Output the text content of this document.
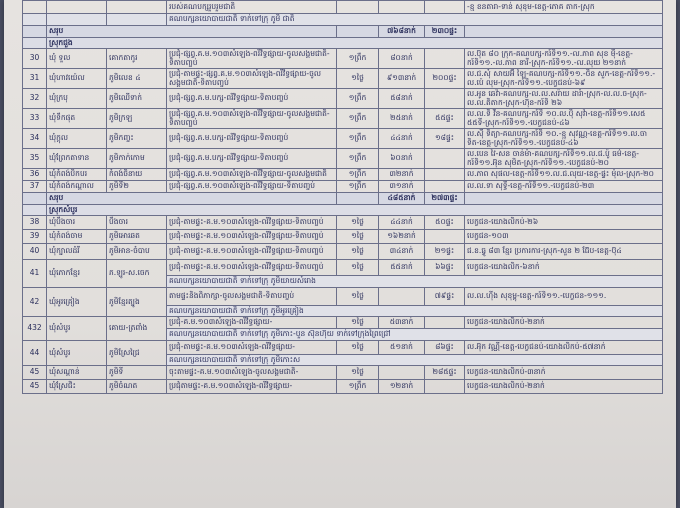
			របស់គណបក្សរួបរួមជាតិ				-ខ្ម ខនតារា-ទាន់ សុខុម-ខេត្ត-ភោគ តាក-ស្រុក
			គណបក្សនយោបាយជាតិ ទាក់ទៅក្រុ ភូមិ ជាតិ				
	សរុប				៧៦៨នាក់	២៣០ផ្ទះ	
	ស្រុកជួង						
30	ឃុំ ទួល	គោកតាកូរ	ប្រជុំ-ផ្សព្វ.គ.ម.១០៣សំឡេង-ពរិវិទ្ធផ្សាយ-ចូលសង្គមជាតិ-ទិតាបញ្ចប់	១ព្រឹក	៨០នាក់		ល.ប៊ុត ៨០ ក្រុក-គណបក្ស-ករ៍ទិ១១.-ល.ភាព សុខ ម៉ី-ខេត្ត-ករ៍ទិ១១.-ល.ភាព នារី-ស្រុក-ករ៍ទិ១១.-ល.លុយ ២១នាក់
31	ឃុំហាវយ៉េល	ភូមិលេខ ៤	ប្រជុំ-តាមផ្ទះ-ផ្សព្វ.គ.ម.១០៣សំឡេង-ពរិវិទ្ធផ្សាយ-ចូលសង្គមជាតិ-ទិតាបញ្ចប់	១ថ្ងៃ	៩១៣នាក់	២០០ផ្ទះ	ល.ជ.សុំ សាយអ៊ី ឡៃ-គណបក្ស-ករ៍ទិ១១.-ចិន សួក-ខេត្ត-ករ៍ទិ១១.-ល.ប៉េ លុម-ស្រុក-ករ៍ទិ១១.-បេក្ខជនប់-៦៩
32	ឃុំក្របុ	ភូមិឈើទាក់	ប្រជុំ-ផ្សព្វ.គ.ម.បក្ស-ពរិវិទ្ធផ្សាយ-ទិតាបញ្ចប់	១ព្រឹក	៥៨នាក់		ល.អូន ឆេវ៉ា-គណបក្ស-ល.ល.សរ៉ាយ ដារ៉ា-ស្រុក-ល.ល.ច-ស្រុក-ល.ល.តិតាក-ស្រុក-ហ៊ុន-ករ៍ទិ ២៦
33	ឃុំទឹកផុត	ភូមិក្រឡ	ប្រជុំ-ផ្សព្វ.គ.ម.១០៣សំឡេង-ពរិវិទ្ធផ្សាយ-ចូលសង្គមជាតិ-ទិតាបញ្ចប់	១ព្រឹក	២៥នាក់	៥៥ផ្ទះ	ល.ល.ទិ វីន-គណបក្ស-ករ៍ទិ ១០.ល.ប៉ិ សុវ៉ា-ខេត្ត-ករ៍ទិ១១.សេ៥ ៥៥ទី-ស្រុក-ករ៍ទិ១១.-បេក្ខជនប់-៤៦
34	ឃុំក្តុល	ភូមិកញ្ចះ	ប្រជុំ-ផ្សព្វ.គ.ម.បក្ស-ពរិវិទ្ធផ្សាយ-ទិតាបញ្ចប់	១ព្រឹក	៤៤នាក់	១៨ផ្ទះ	ល.ស៊ី ទិត្យា-គណបក្ស-ករ៍ទិ ១០.-ខ្មុ សុវណ្ណ-ខេត្ត-ករ៍ទិ១១.ល.ចា ទិត-ខេត្ត-ស្រុក-ករ៍ទិ១១.-បេក្ខជនប់-៤៦
35	ឃុំព្រែកតាទាន	ភូមិកាក់កោម	ប្រជុំ-ផ្សព្វ.គ.ម.បក្ស-ពរិវិទ្ធផ្សាយ-ទិតាបញ្ចប់	១ព្រឹក	៦០នាក់		ល.បេន វៃ-សន ចាន់ម៉ា-គណបក្ស-ករ៍ទិ១១.ល.ជ.ប៉ូ ធម៌-ខេត្ត-ករ៍ទិ១១.អ៊ុន សុមិត-ស្រុក-ករ៍ទិ១១.-បេក្ខជនប់-២០
36	ឃុំកំពង់បិកបរ	កំពង់ចិនាយ	ប្រជុំ-ផ្សព្វ.គ.ម.១០៣សំឡេង-ពរិវិទ្ធផ្សាយ-ចូលសង្គមជាតិ	១ព្រឹក	៣២នាក់		ល.ភាព សុផល-ខេត្ត-ករ៍ទិ១១.ល.ជ.លុយ-ខេត្ត-ផ្ទះ ម៉ុល-ស្រុក-២០
37	ឃុំកំពង់កណ្តាល	ភូមិទី២	ប្រជុំ-ផ្សព្វ.គ.ម.១០៣សំឡេង-ពរិវិទ្ធផ្សាយ-ទិតាបញ្ចប់	១ព្រឹក	៣១នាក់		ល.ល.ទា សុទ្ធី-ខេត្ត-ករ៍ទិ១១.-បេក្ខជនប់-២៣
	សរុប				៤៨៥នាក់	២៧៣ផ្ទះ	
	ស្រុកសំបូរ						
38	ឃុំបឹងចារ	បឹងចារ	ប្រជុំ-តាមផ្ទះ-គ.ម.១០៣សំឡេង-ពរិវិទ្ធផ្សាយ-ទិតាបញ្ចប់	១ថ្ងៃ	៤៤នាក់	៥០ផ្ទះ	បេក្ខជន-យោងលិកប់-២៦
39	ឃុំកំពង់ចាម	ភូមិអោរឆត	ប្រជុំ-តាមផ្ទះ-គ.ម.១០៣សំឡេង-ពរិវិទ្ធផ្សាយ-ទិតាបញ្ចប់	១ថ្ងៃ	១៦២នាក់		បេក្ខជន-១០៣
40	ឃុំក្បាលដំរី	ភូមិអាន-ចំបាប	ប្រជុំ-តាមផ្ទះ-គ.ម.១០៣សំឡេង-ពរិវិទ្ធផ្សាយ-ទិតាបញ្ចប់	១ថ្ងៃ	៣៤នាក់	២១ផ្ទះ	ជ.ខ.ធ្វូ ៨៣ ខ្មែរ ប្រការការ-ស្រុក-សួន ២ ជ៊ែប-ខេត្ត-ប៊ុ៤
41	ឃុំភោកខ្មែរ	ភ.ឡូរ-ស.ចេក	ប្រជុំ-តាមផ្ទះ-គ.ម.១០៣សំឡេង-ពរិវិទ្ធផ្សាយ-ទិតាបញ្ចប់	១ថ្ងៃ	៥៥នាក់	៦៦ផ្ទះ	បេក្ខជន-យោងលិក-៦នាក់
			គណបក្សនយោបាយជាតិ ទាក់ទៅក្រុ ភូមិយាយសំរោង				
42	ឃុំអូរគ្រៀង	ភូមិខ្មែរត្បូង	តាមផ្ទះនិងពិភាក្សា-ចូលសង្គមជាតិ-ទិតាបញ្ចប់	១ថ្ងៃ		៧៩ផ្ទះ	ល.ល.ហ៊ីង សុខុម្ពុ-ខេត្ត-ករ៍ទិ១១.-បេក្ខជន-១១១.
			គណបក្សនយោបាយជាតិ ទាក់ទៅក្រុ ភូមិអូរគ្រៀង				
432	ឃុំសំបូរ	គោយ-ត្រពាំង	ប្រជុំ-គ.ម.១០៣សំឡេង-ពរិវិទ្ធផ្សាយ-	១ថ្ងៃ	៥៣នាក់		បេក្ខជន-យោងលិកប់-២នាក់
			គណបក្សនយោបាយជាតិ ទាក់ទៅក្រុ ភូមិកោះ-បួន ស៊ុនហ៊ុយ ទាក់ទៅក្រុងព្រៃជ្រៅ				
44	ឃុំសំបូរ	ភូមិស្រែជ្រៃ	ប្រជុំ-តាមផ្ទះ-គ.ម.១០៣សំឡេង-ពរិវិទ្ធផ្សាយ-	១ថ្ងៃ	៥១នាក់	៨៦ផ្ទះ	ល.អ៊ុក វណ្ណី-ខេត្ត-បេក្ខជនប់-យោងលិកប់-៥៧នាក់
			គណបក្សនយោបាយជាតិ ទាក់ទៅក្រុ ភូមិកោះស				
45	ឃុំសណ្តាន់	ភូមិទី	ចុះតាមផ្ទះ-គ.ម.១០៣សំឡេង-ចូលសង្គមជាតិ-	១ថ្ងៃ		២៨៥ផ្ទះ	បេក្ខជន-យោងលិកប់-៣នាក់
45	ឃុំស្រែជិះ	ភូមិចំណត	ប្រជុំតាមផ្ទះ-គ.ម.១០៣សំឡេង-ពរិវិទ្ធផ្សាយ-	១ព្រឹក	១២នាក់		បេក្ខជន-យោងលិកប់-២នាក់
